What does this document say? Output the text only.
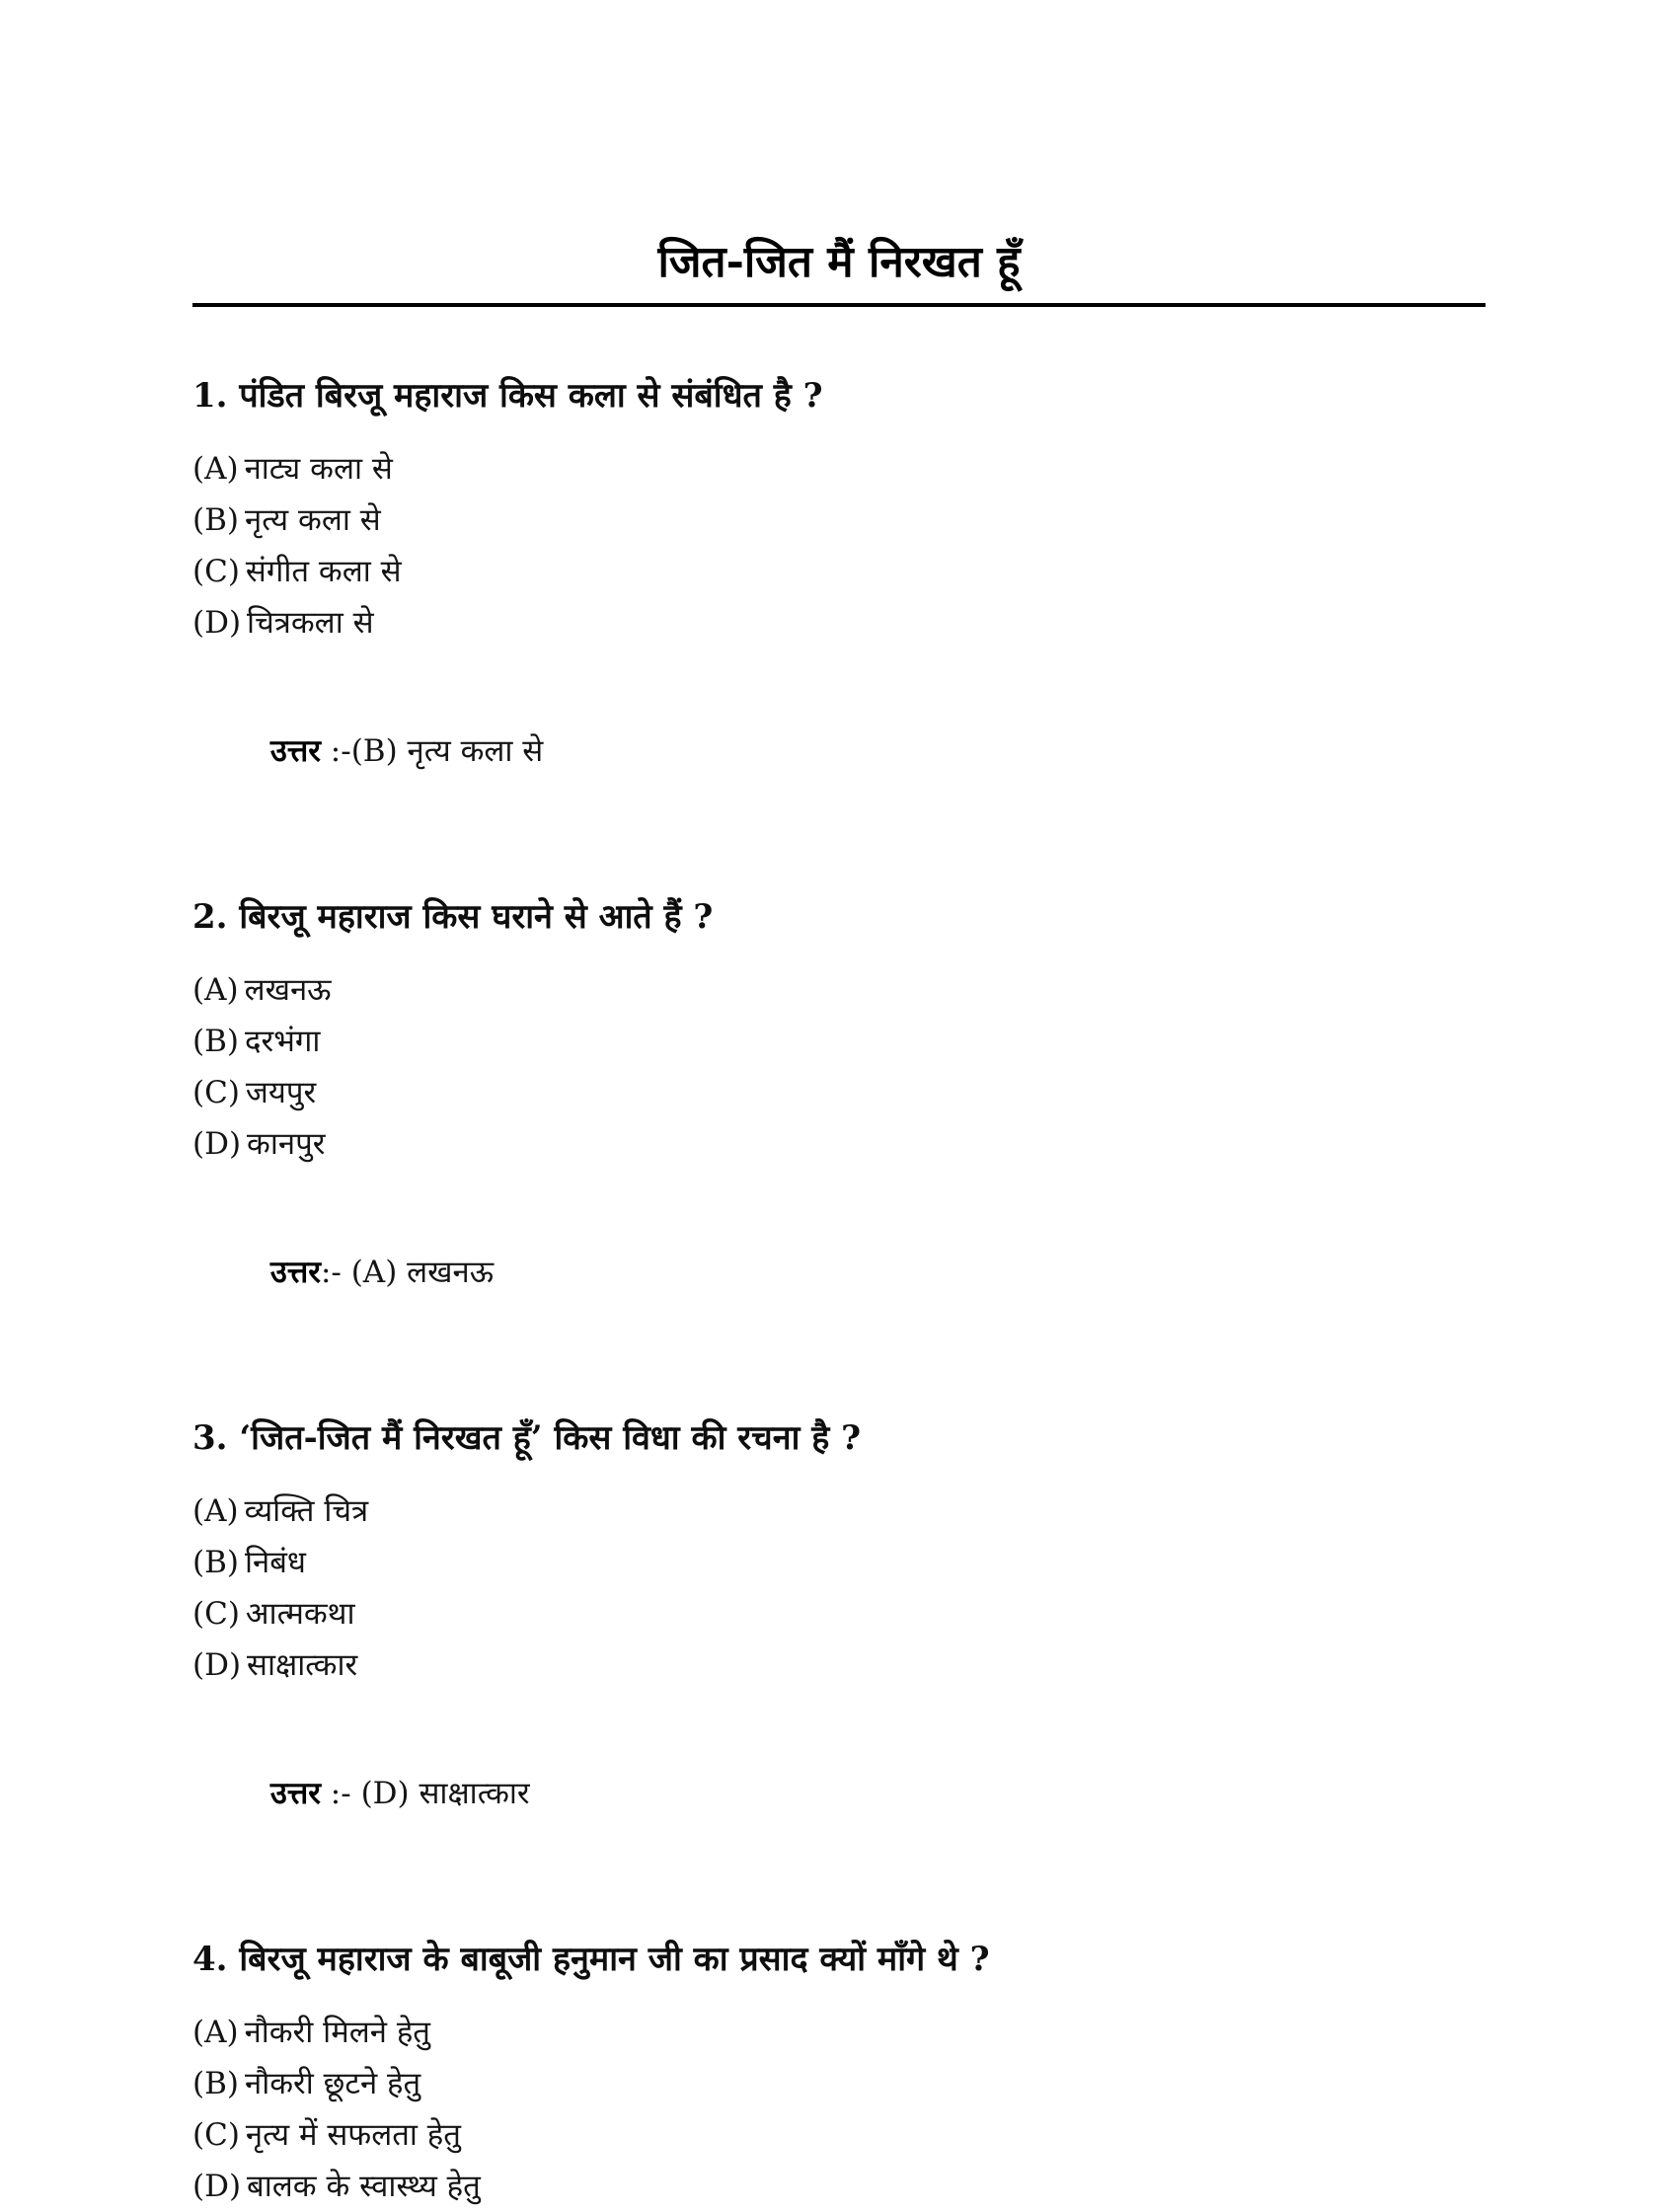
जित-जित मैं निरखत हूँ

1. पंडित बिरजू महाराज किस कला से संबंधित है ?

(A) नाट्य कला से
(B) नृत्य कला से
(C) संगीत कला से
(D) चित्रकला से

उत्तर :-(B) नृत्य कला से

2. बिरजू महाराज किस घराने से आते हैं ?

(A) लखनऊ
(B) दरभंगा
(C) जयपुर
(D) कानपुर

उत्तर:- (A) लखनऊ

3. ‘जित-जित मैं निरखत हूँ’ किस विधा की रचना है ?

(A) व्यक्ति चित्र
(B) निबंध
(C) आत्मकथा
(D) साक्षात्कार

उत्तर :- (D) साक्षात्कार

4. बिरजू महाराज के बाबूजी हनुमान जी का प्रसाद क्यों माँगे थे ?

(A) नौकरी मिलने हेतु
(B) नौकरी छूटने हेतु
(C) नृत्य में सफलता हेतु
(D) बालक के स्वास्थ्य हेतु
